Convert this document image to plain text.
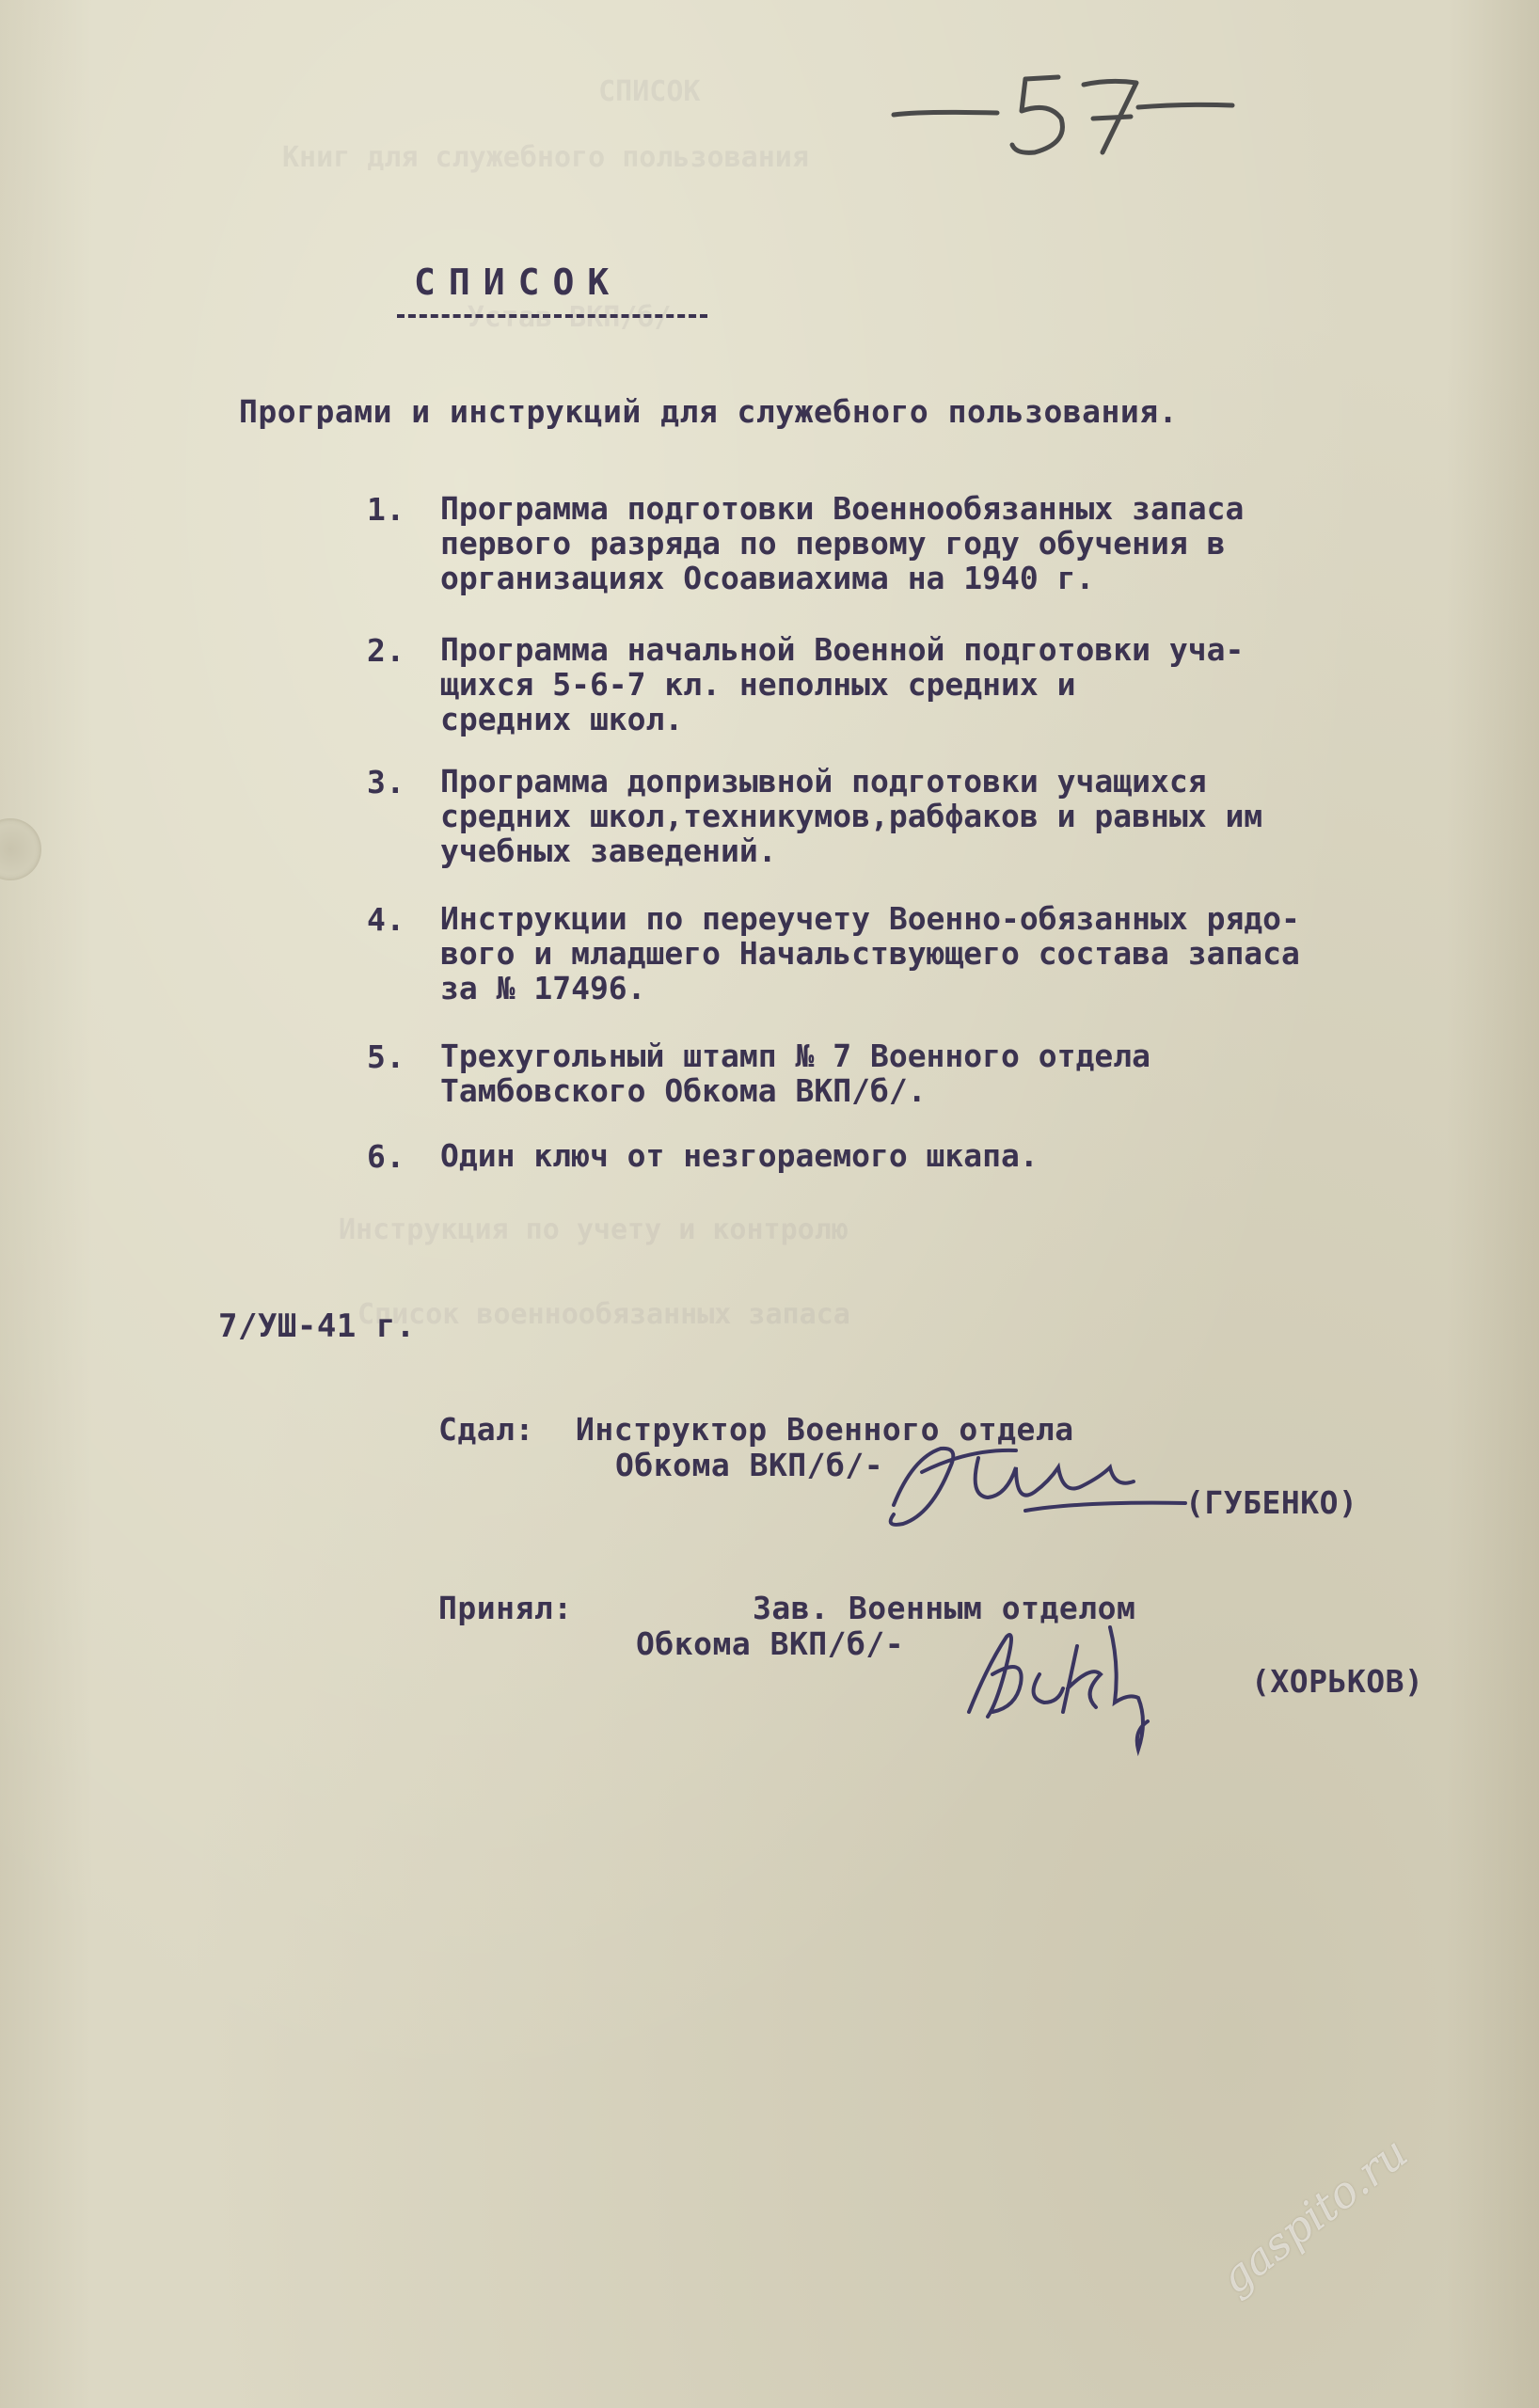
СПИСОК
Книг для служебного пользования
Устав ВКП/б/
Инструкция по учету и контролю
Список военнообязанных запаса
СПИСОК
Програми и инструкций для служебного пользования.
1. Программа подготовки Военнообязанных запаса
первого разряда по первому году обучения в
организациях Осоавиахима на 1940 г.
2. Программа начальной Военной подготовки уча-
щихся 5-6-7 кл. неполных средних и
средних школ.
3. Программа допризывной подготовки учащихся
средних школ,техникумов,рабфаков и равных им
учебных заведений.
4. Инструкции по переучету Военно-обязанных рядо-
вого и младшего Начальствующего состава запаса
за № 17496.
5. Трехугольный штамп № 7 Военного отдела
Тамбовского Обкома ВКП/б/.
6. Один ключ от незгораемого шкапа.
7/УШ-41 г.
Сдал: Инструктор Военного отдела
Обкома ВКП/б/-
(ГУБЕНКО)
Принял:	Зав. Военным отделом
Обкома ВКП/б/-
(ХОРЬКОВ)
gaspito.ru
